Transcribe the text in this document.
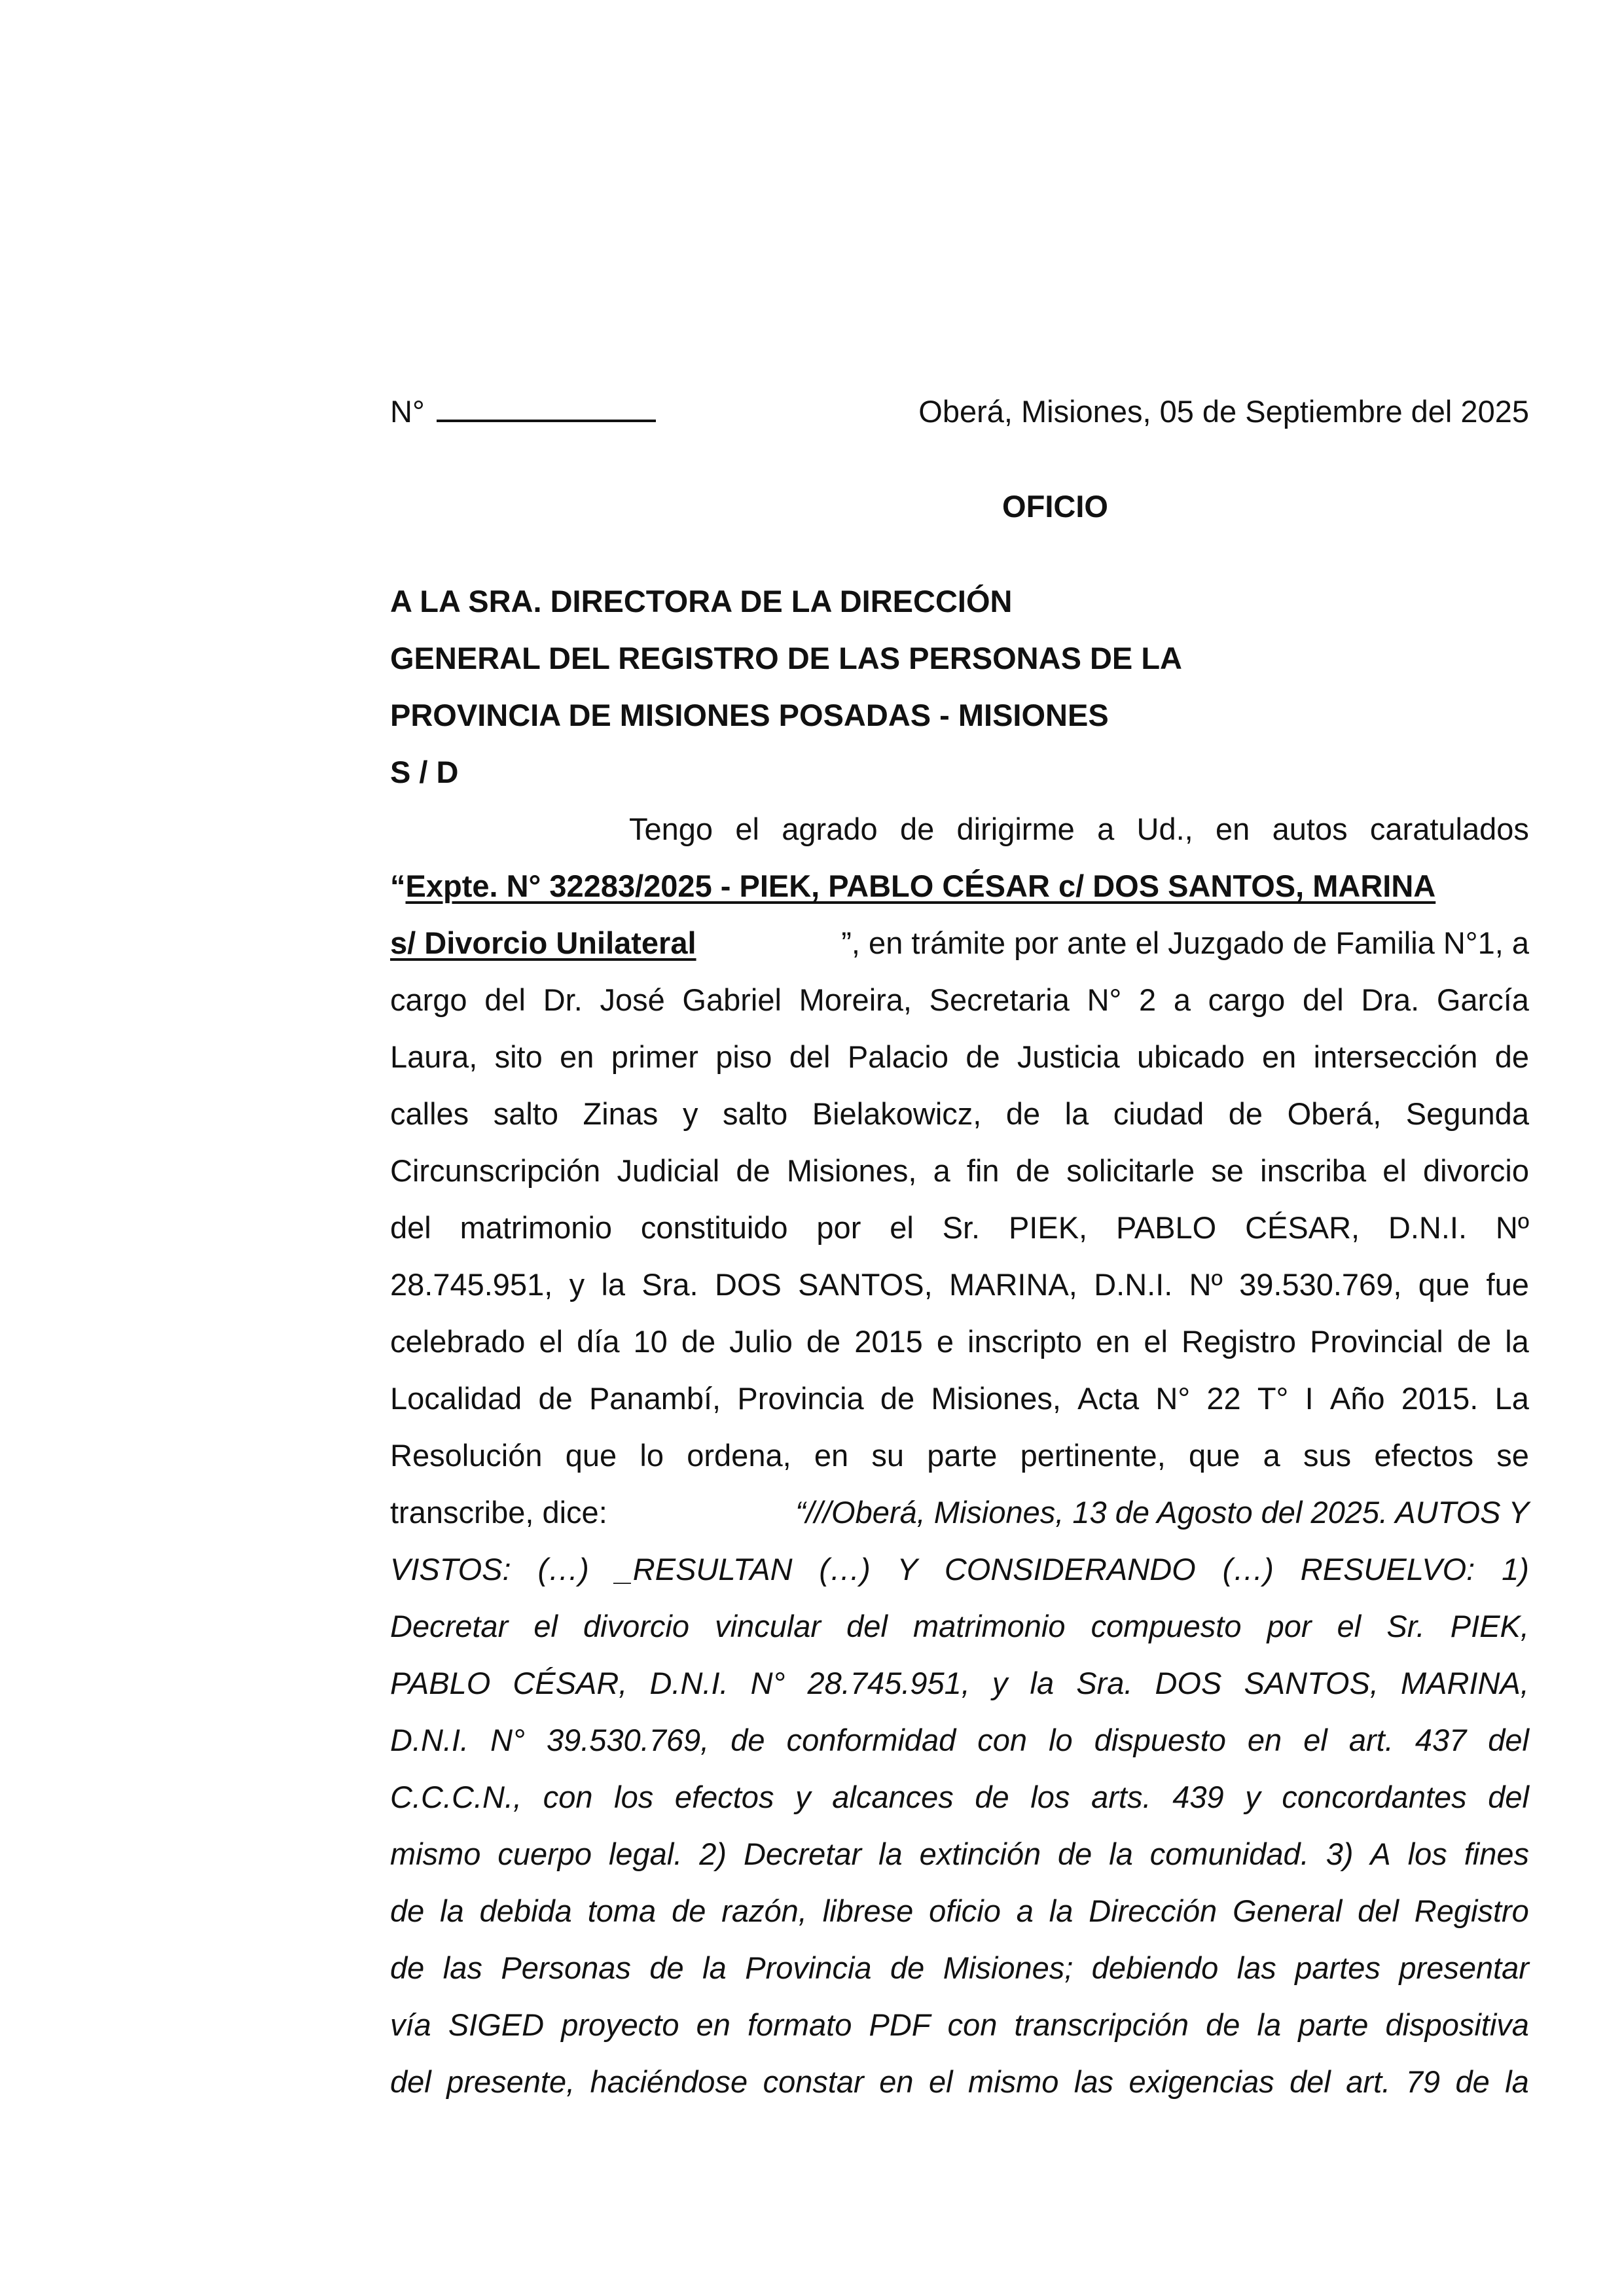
N°	Oberá, Misiones, 05 de Septiembre del 2025
OFICIO
A LA SRA. DIRECTORA DE LA DIRECCIÓN
GENERAL DEL REGISTRO DE LAS PERSONAS DE LA
PROVINCIA DE MISIONES POSADAS - MISIONES
S / D
Tengo el agrado de dirigirme a Ud., en autos caratulados
“Expte. N° 32283/2025 - PIEK, PABLO CÉSAR c/ DOS SANTOS, MARINA
s/ Divorcio Unilateral	”, en trámite por ante el Juzgado de Familia N°1, a
cargo del Dr. José Gabriel Moreira, Secretaria N° 2 a cargo del Dra. García
Laura, sito en primer piso del Palacio de Justicia ubicado en intersección de
calles salto Zinas y salto Bielakowicz, de la ciudad de Oberá, Segunda
Circunscripción Judicial de Misiones, a fin de solicitarle se inscriba el divorcio
del matrimonio constituido por el Sr. PIEK, PABLO CÉSAR, D.N.I. Nº
28.745.951, y la Sra. DOS SANTOS, MARINA, D.N.I. Nº 39.530.769, que fue
celebrado el día 10 de Julio de 2015 e inscripto en el Registro Provincial de la
Localidad de Panambí, Provincia de Misiones, Acta N° 22 T° I Año 2015. La
Resolución que lo ordena, en su parte pertinente, que a sus efectos se
transcribe, dice:	“///Oberá, Misiones, 13 de Agosto del 2025. AUTOS Y
VISTOS: (…) _RESULTAN (…) Y CONSIDERANDO (…) RESUELVO: 1)
Decretar el divorcio vincular del matrimonio compuesto por el Sr. PIEK,
PABLO CÉSAR, D.N.I. N° 28.745.951, y la Sra. DOS SANTOS, MARINA,
D.N.I. N° 39.530.769, de conformidad con lo dispuesto en el art. 437 del
C.C.C.N., con los efectos y alcances de los arts. 439 y concordantes del
mismo cuerpo legal. 2) Decretar la extinción de la comunidad. 3) A los fines
de la debida toma de razón, librese oficio a la Dirección General del Registro
de las Personas de la Provincia de Misiones; debiendo las partes presentar
vía SIGED proyecto en formato PDF con transcripción de la parte dispositiva
del presente, haciéndose constar en el mismo las exigencias del art. 79 de la
